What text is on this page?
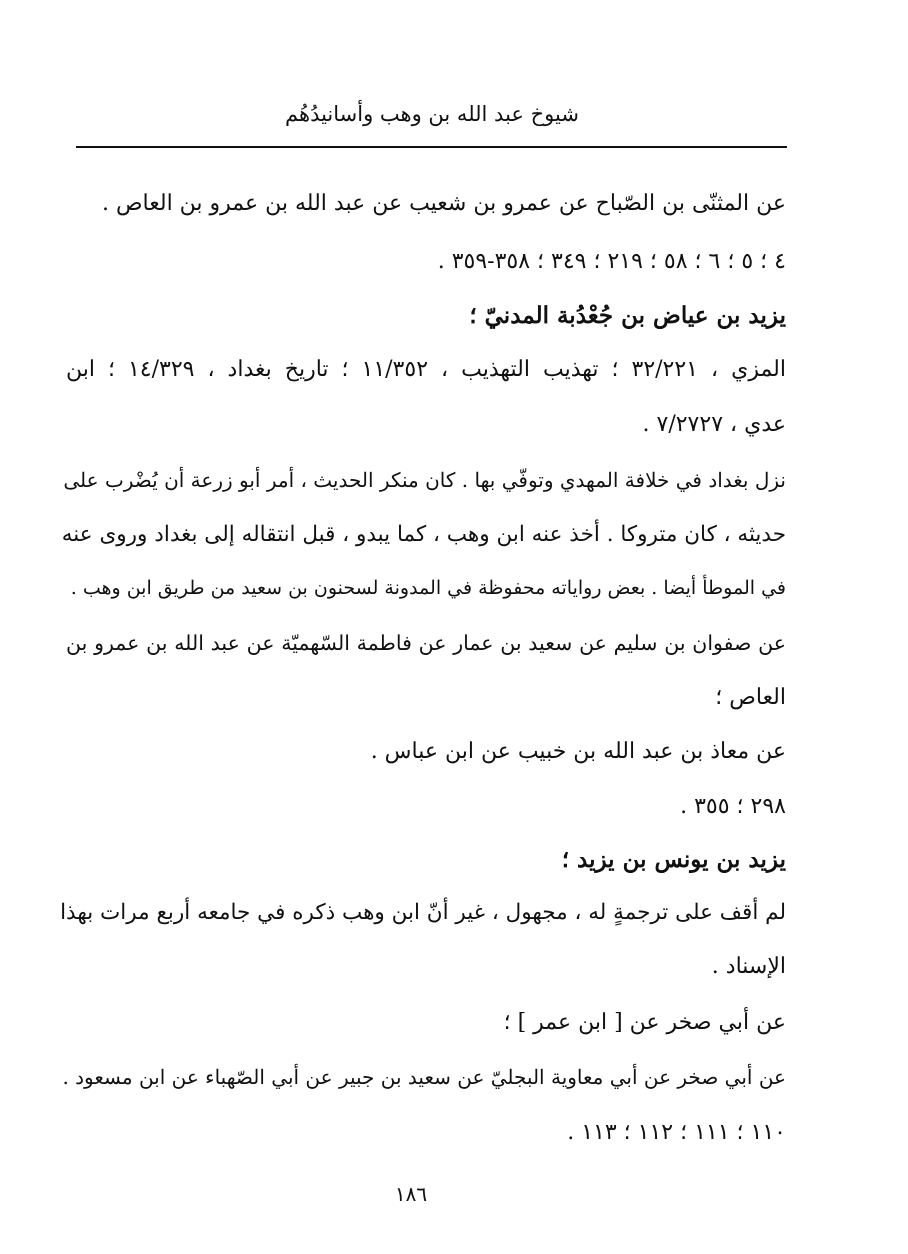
شيوخ عبد الله بن وهب وأسانيدُهُم
عن المثنّى بن الصّباح عن عمرو بن شعيب عن عبد الله بن عمرو بن العاص .
٤ ؛ ٥ ؛ ٦ ؛ ٥٨ ؛ ٢١٩ ؛ ٣٤٩ ؛ ٣٥٨-٣٥٩ .
يزيد بن عياض بن جُعْدُبة المدنيّ ؛
المزي ، ٣٢/٢٢١ ؛ تهذيب التهذيب ، ١١/٣٥٢ ؛ تاريخ بغداد ، ١٤/٣٢٩ ؛ ابن
عدي ، ٧/٢٧٢٧ .
نزل بغداد في خلافة المهدي وتوفّي بها . كان منكر الحديث ، أمر أبو زرعة أن يُضْرب على
حديثه ، كان متروكا . أخذ عنه ابن وهب ، كما يبدو ، قبل انتقاله إلى بغداد وروى عنه
في الموطأ أيضا . بعض رواياته محفوظة في المدونة لسحنون بن سعيد من طريق ابن وهب .
عن صفوان بن سليم عن سعيد بن عمار عن فاطمة السّهميّة عن عبد الله بن عمرو بن
العاص ؛
عن معاذ بن عبد الله بن خبيب عن ابن عباس .
٢٩٨ ؛ ٣٥٥ .
يزيد بن يونس بن يزيد ؛
لم أقف على ترجمةٍ له ، مجهول ، غير أنّ ابن وهب ذكره في جامعه أربع مرات بهذا
الإسناد .
عن أبي صخر عن [ ابن عمر ] ؛
عن أبي صخر عن أبي معاوية البجليّ عن سعيد بن جبير عن أبي الصّهباء عن ابن مسعود .
١١٠ ؛ ١١١ ؛ ١١٢ ؛ ١١٣ .
١٨٦
